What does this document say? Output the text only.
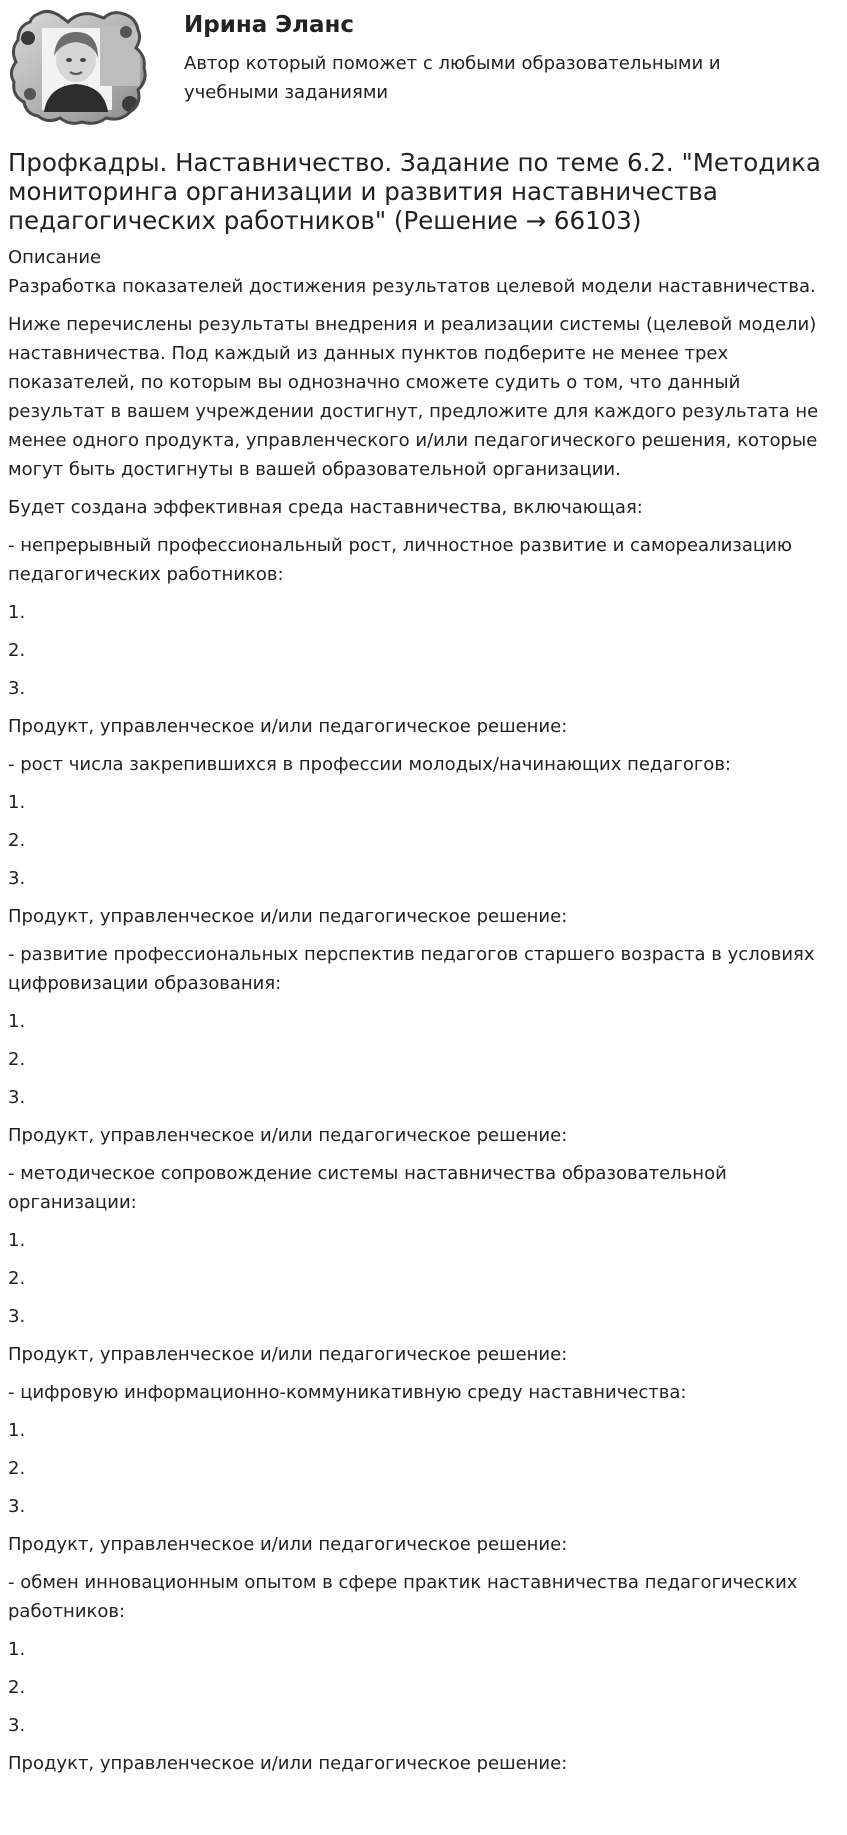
Ирина Эланс

Автор который поможет с любыми образовательными и учебными заданиями

Профкадры. Наставничество. Задание по теме 6.2. "Методика мониторинга организации и развития наставничества педагогических работников" (Решение → 66103)

Описание

Разработка показателей достижения результатов целевой модели наставничества.

Ниже перечислены результаты внедрения и реализации системы (целевой модели) наставничества. Под каждый из данных пунктов подберите не менее трех показателей, по которым вы однозначно сможете судить о том, что данный результат в вашем учреждении достигнут, предложите для каждого результата не менее одного продукта, управленческого и/или педагогического решения, которые могут быть достигнуты в вашей образовательной организации.

Будет создана эффективная среда наставничества, включающая:

- непрерывный профессиональный рост, личностное развитие и самореализацию педагогических работников:

1.

2.

3.

Продукт, управленческое и/или педагогическое решение:

- рост числа закрепившихся в профессии молодых/начинающих педагогов:

1.

2.

3.

Продукт, управленческое и/или педагогическое решение:

- развитие профессиональных перспектив педагогов старшего возраста в условиях цифровизации образования:

1.

2.

3.

Продукт, управленческое и/или педагогическое решение:

- методическое сопровождение системы наставничества образовательной организации:

1.

2.

3.

Продукт, управленческое и/или педагогическое решение:

- цифровую информационно-коммуникативную среду наставничества:

1.

2.

3.

Продукт, управленческое и/или педагогическое решение:

- обмен инновационным опытом в сфере практик наставничества педагогических работников:

1.

2.

3.

Продукт, управленческое и/или педагогическое решение:
